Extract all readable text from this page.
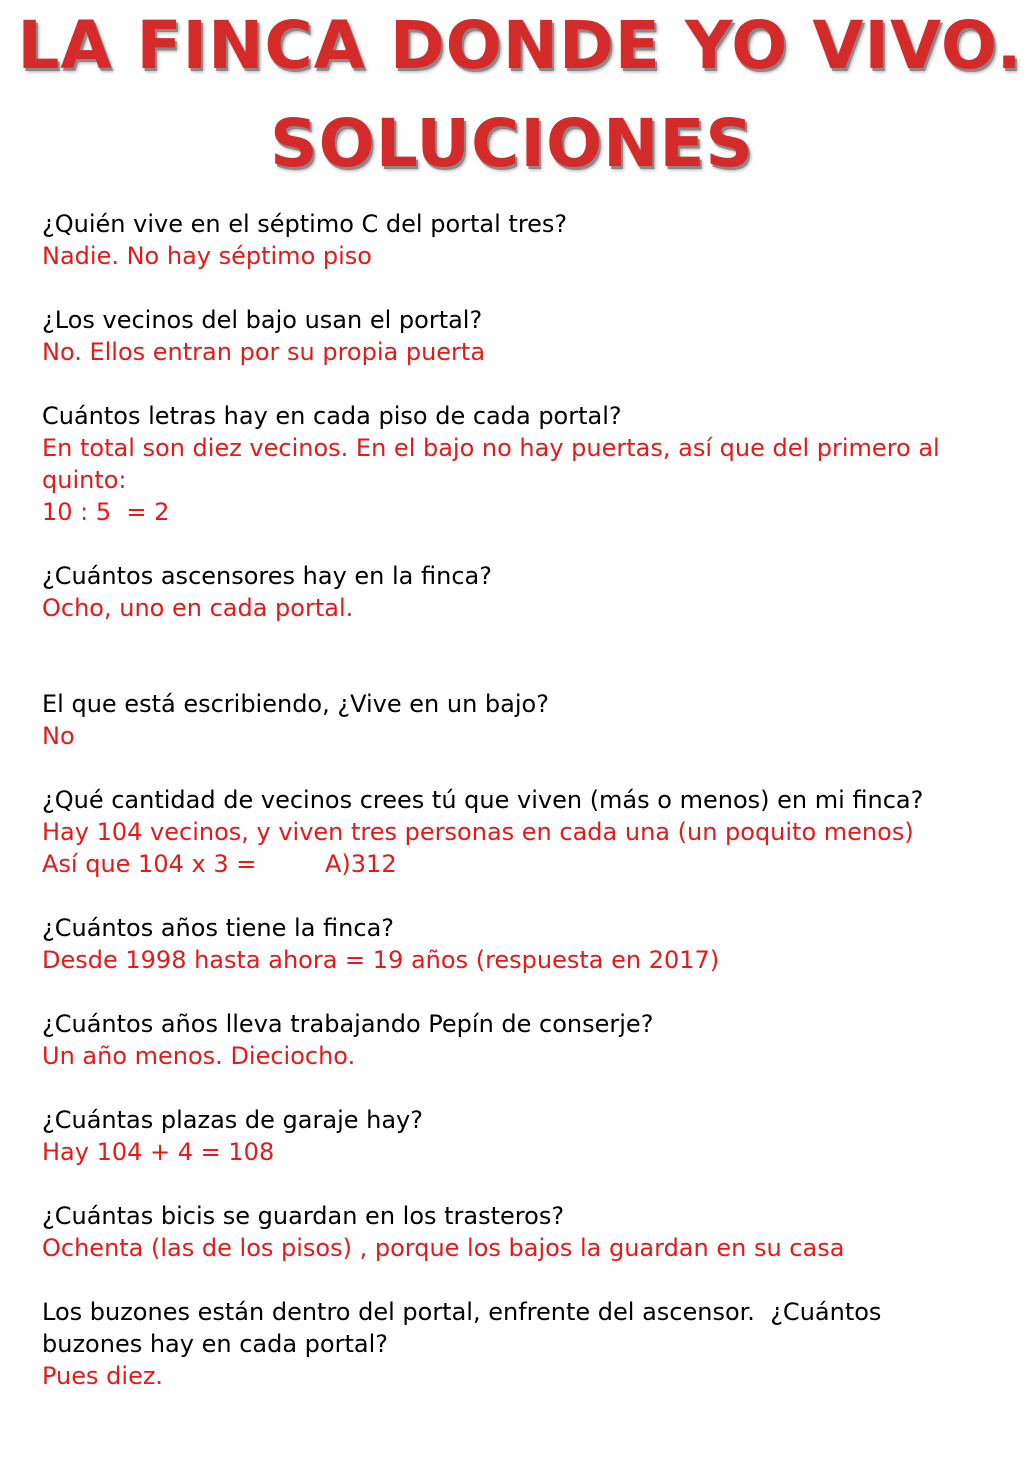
LA FINCA DONDE YO VIVO.
SOLUCIONES

¿Quién vive en el séptimo C del portal tres?

Nadie. No hay séptimo piso

¿Los vecinos del bajo usan el portal?

No. Ellos entran por su propia puerta

Cuántos letras hay en cada piso de cada portal?

En total son diez vecinos. En el bajo no hay puertas, así que del primero al

quinto:

10 : 5  = 2

¿Cuántos ascensores hay en la finca?

Ocho, uno en cada portal.

El que está escribiendo, ¿Vive en un bajo?

No

¿Qué cantidad de vecinos crees tú que viven (más o menos) en mi finca?

Hay 104 vecinos, y viven tres personas en cada una (un poquito menos)

Así que 104 x 3 =         A)312

¿Cuántos años tiene la finca?

Desde 1998 hasta ahora = 19 años (respuesta en 2017)

¿Cuántos años lleva trabajando Pepín de conserje?

Un año menos. Dieciocho.

¿Cuántas plazas de garaje hay?

Hay 104 + 4 = 108

¿Cuántas bicis se guardan en los trasteros?

Ochenta (las de los pisos) , porque los bajos la guardan en su casa

Los buzones están dentro del portal, enfrente del ascensor.  ¿Cuántos

buzones hay en cada portal?

Pues diez.
